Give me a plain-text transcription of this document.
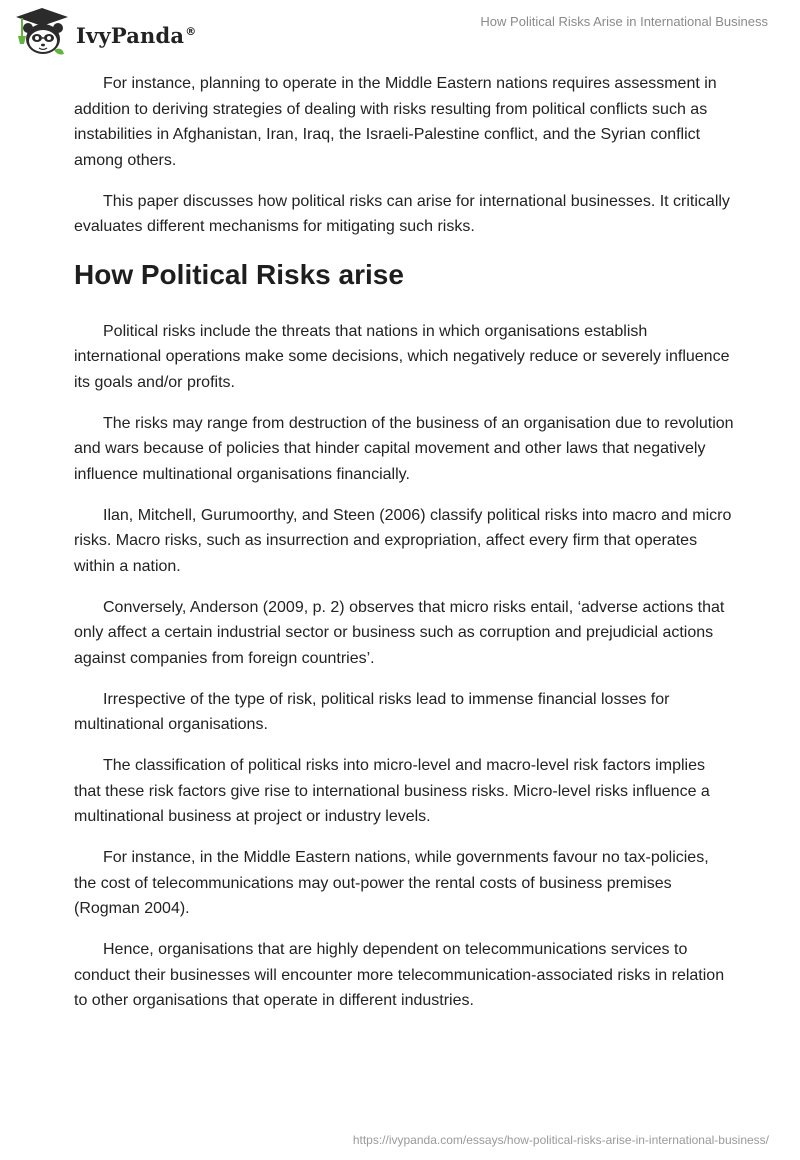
IvyPanda®
How Political Risks Arise in International Business

For instance, planning to operate in the Middle Eastern nations requires assessment in addition to deriving strategies of dealing with risks resulting from political conflicts such as instabilities in Afghanistan, Iran, Iraq, the Israeli-Palestine conflict, and the Syrian conflict among others.

This paper discusses how political risks can arise for international businesses. It critically evaluates different mechanisms for mitigating such risks.

How Political Risks arise

Political risks include the threats that nations in which organisations establish international operations make some decisions, which negatively reduce or severely influence its goals and/or profits.

The risks may range from destruction of the business of an organisation due to revolution and wars because of policies that hinder capital movement and other laws that negatively influence multinational organisations financially.

Ilan, Mitchell, Gurumoorthy, and Steen (2006) classify political risks into macro and micro risks. Macro risks, such as insurrection and expropriation, affect every firm that operates within a nation.

Conversely, Anderson (2009, p. 2) observes that micro risks entail, ‘adverse actions that only affect a certain industrial sector or business such as corruption and prejudicial actions against companies from foreign countries’.

Irrespective of the type of risk, political risks lead to immense financial losses for multinational organisations.

The classification of political risks into micro-level and macro-level risk factors implies that these risk factors give rise to international business risks. Micro-level risks influence a multinational business at project or industry levels.

For instance, in the Middle Eastern nations, while governments favour no tax-policies, the cost of telecommunications may out-power the rental costs of business premises (Rogman 2004).

Hence, organisations that are highly dependent on telecommunications services to conduct their businesses will encounter more telecommunication-associated risks in relation to other organisations that operate in different industries.

https://ivypanda.com/essays/how-political-risks-arise-in-international-business/
